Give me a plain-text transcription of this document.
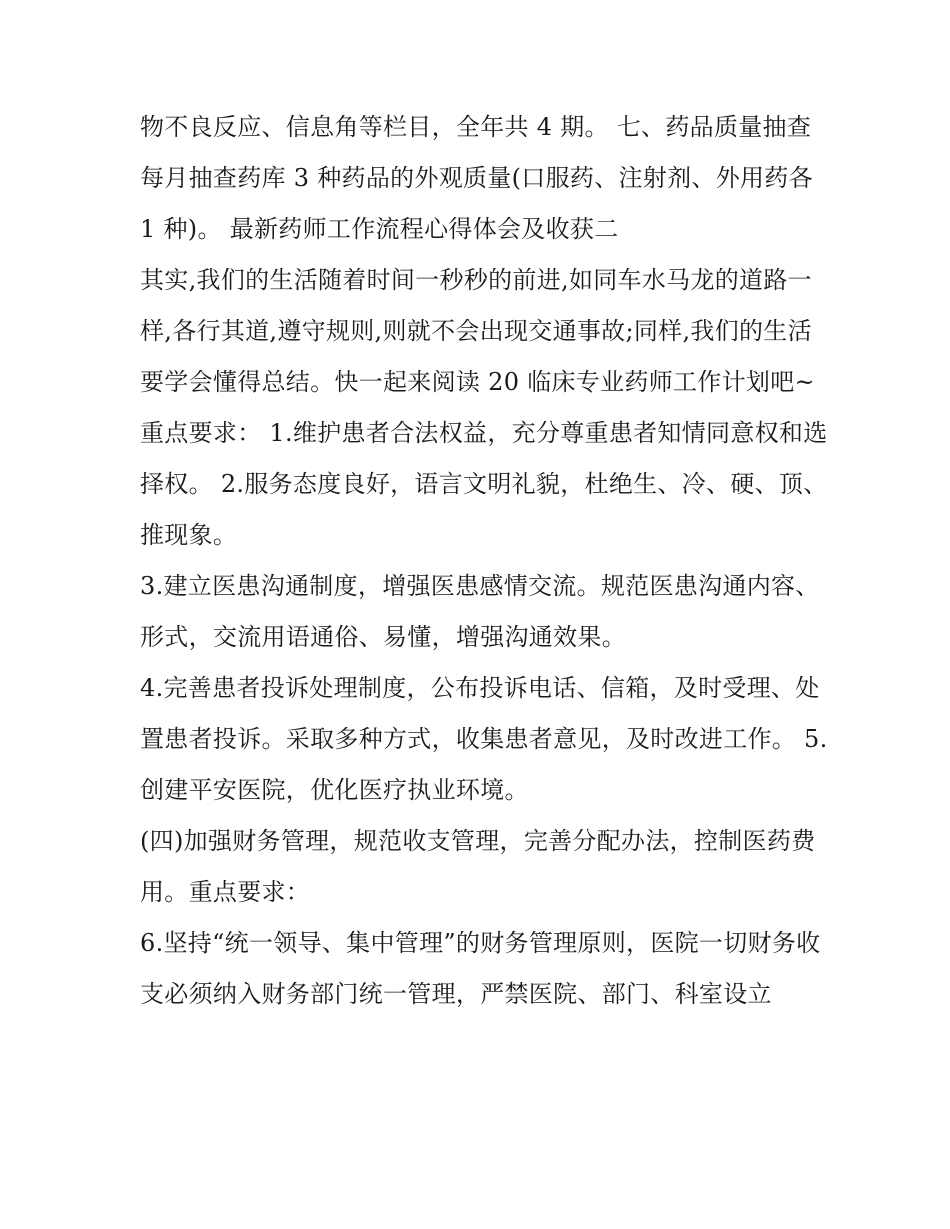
物不良反应、信息角等栏目，全年共 4 期。 七、药品质量抽查

每月抽查药库 3 种药品的外观质量(口服药、注射剂、外用药各 1 种)。 最新药师工作流程心得体会及收获二

其实,我们的生活随着时间一秒秒的前进,如同车水马龙的道路一样,各行其道,遵守规则,则就不会出现交通事故;同样,我们的生活要学会懂得总结。快一起来阅读 20 临床专业药师工作计划吧~

重点要求： 1.维护患者合法权益，充分尊重患者知情同意权和选择权。 2.服务态度良好，语言文明礼貌，杜绝生、冷、硬、顶、推现象。

3.建立医患沟通制度，增强医患感情交流。规范医患沟通内容、形式，交流用语通俗、易懂，增强沟通效果。

4.完善患者投诉处理制度，公布投诉电话、信箱，及时受理、处置患者投诉。采取多种方式，收集患者意见，及时改进工作。 5.创建平安医院，优化医疗执业环境。

(四)加强财务管理，规范收支管理，完善分配办法，控制医药费用。重点要求：

6.坚持“统一领导、集中管理”的财务管理原则，医院一切财务收支必须纳入财务部门统一管理，严禁医院、部门、科室设立
